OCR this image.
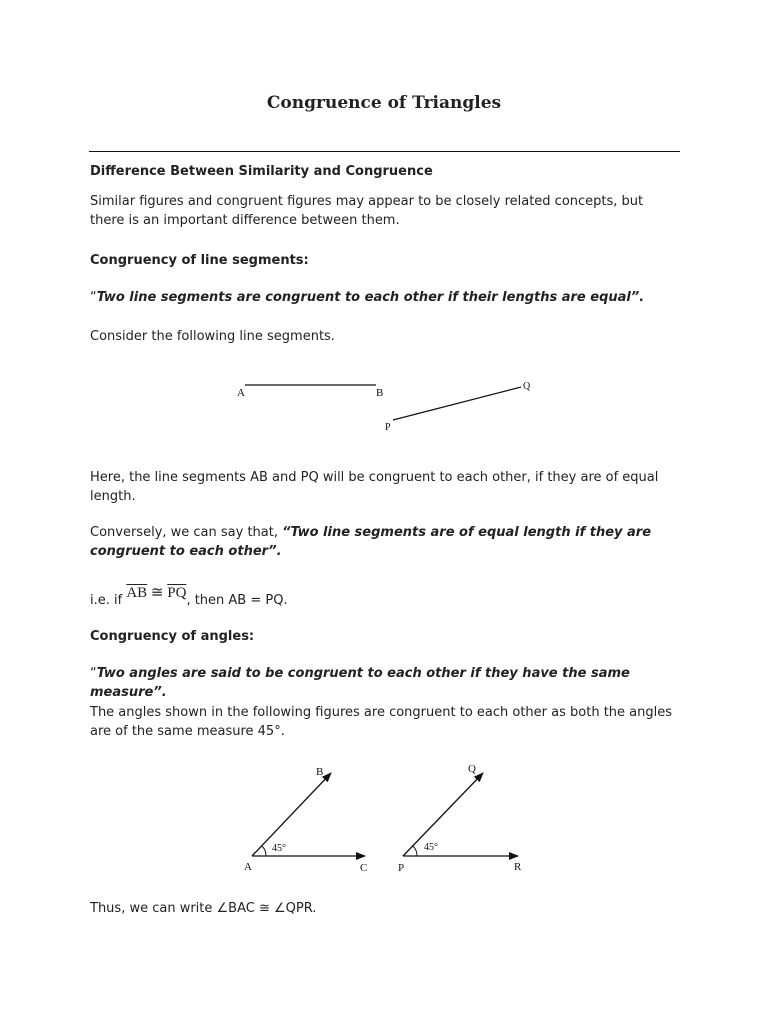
Congruence of Triangles

Difference Between Similarity and Congruence

Similar figures and congruent figures may appear to be closely related concepts, but there is an important difference between them.

Congruency of line segments:

“Two line segments are congruent to each other if their lengths are equal”.

Consider the following line segments.

A	B
P
Q

Here, the line segments AB and PQ will be congruent to each other, if they are of equal length.

Conversely, we can say that, “Two line segments are of equal length if they are congruent to each other”.

i.e. if $\overline{AB}$ ≅ $\overline{PQ}$, then AB = PQ.

Congruency of angles:

“Two angles are said to be congruent to each other if they have the same measure”.

The angles shown in the following figures are congruent to each other as both the angles are of the same measure 45°.

45°
A
B
C
45°
P
Q
R

Thus, we can write ∠BAC ≅ ∠QPR.
